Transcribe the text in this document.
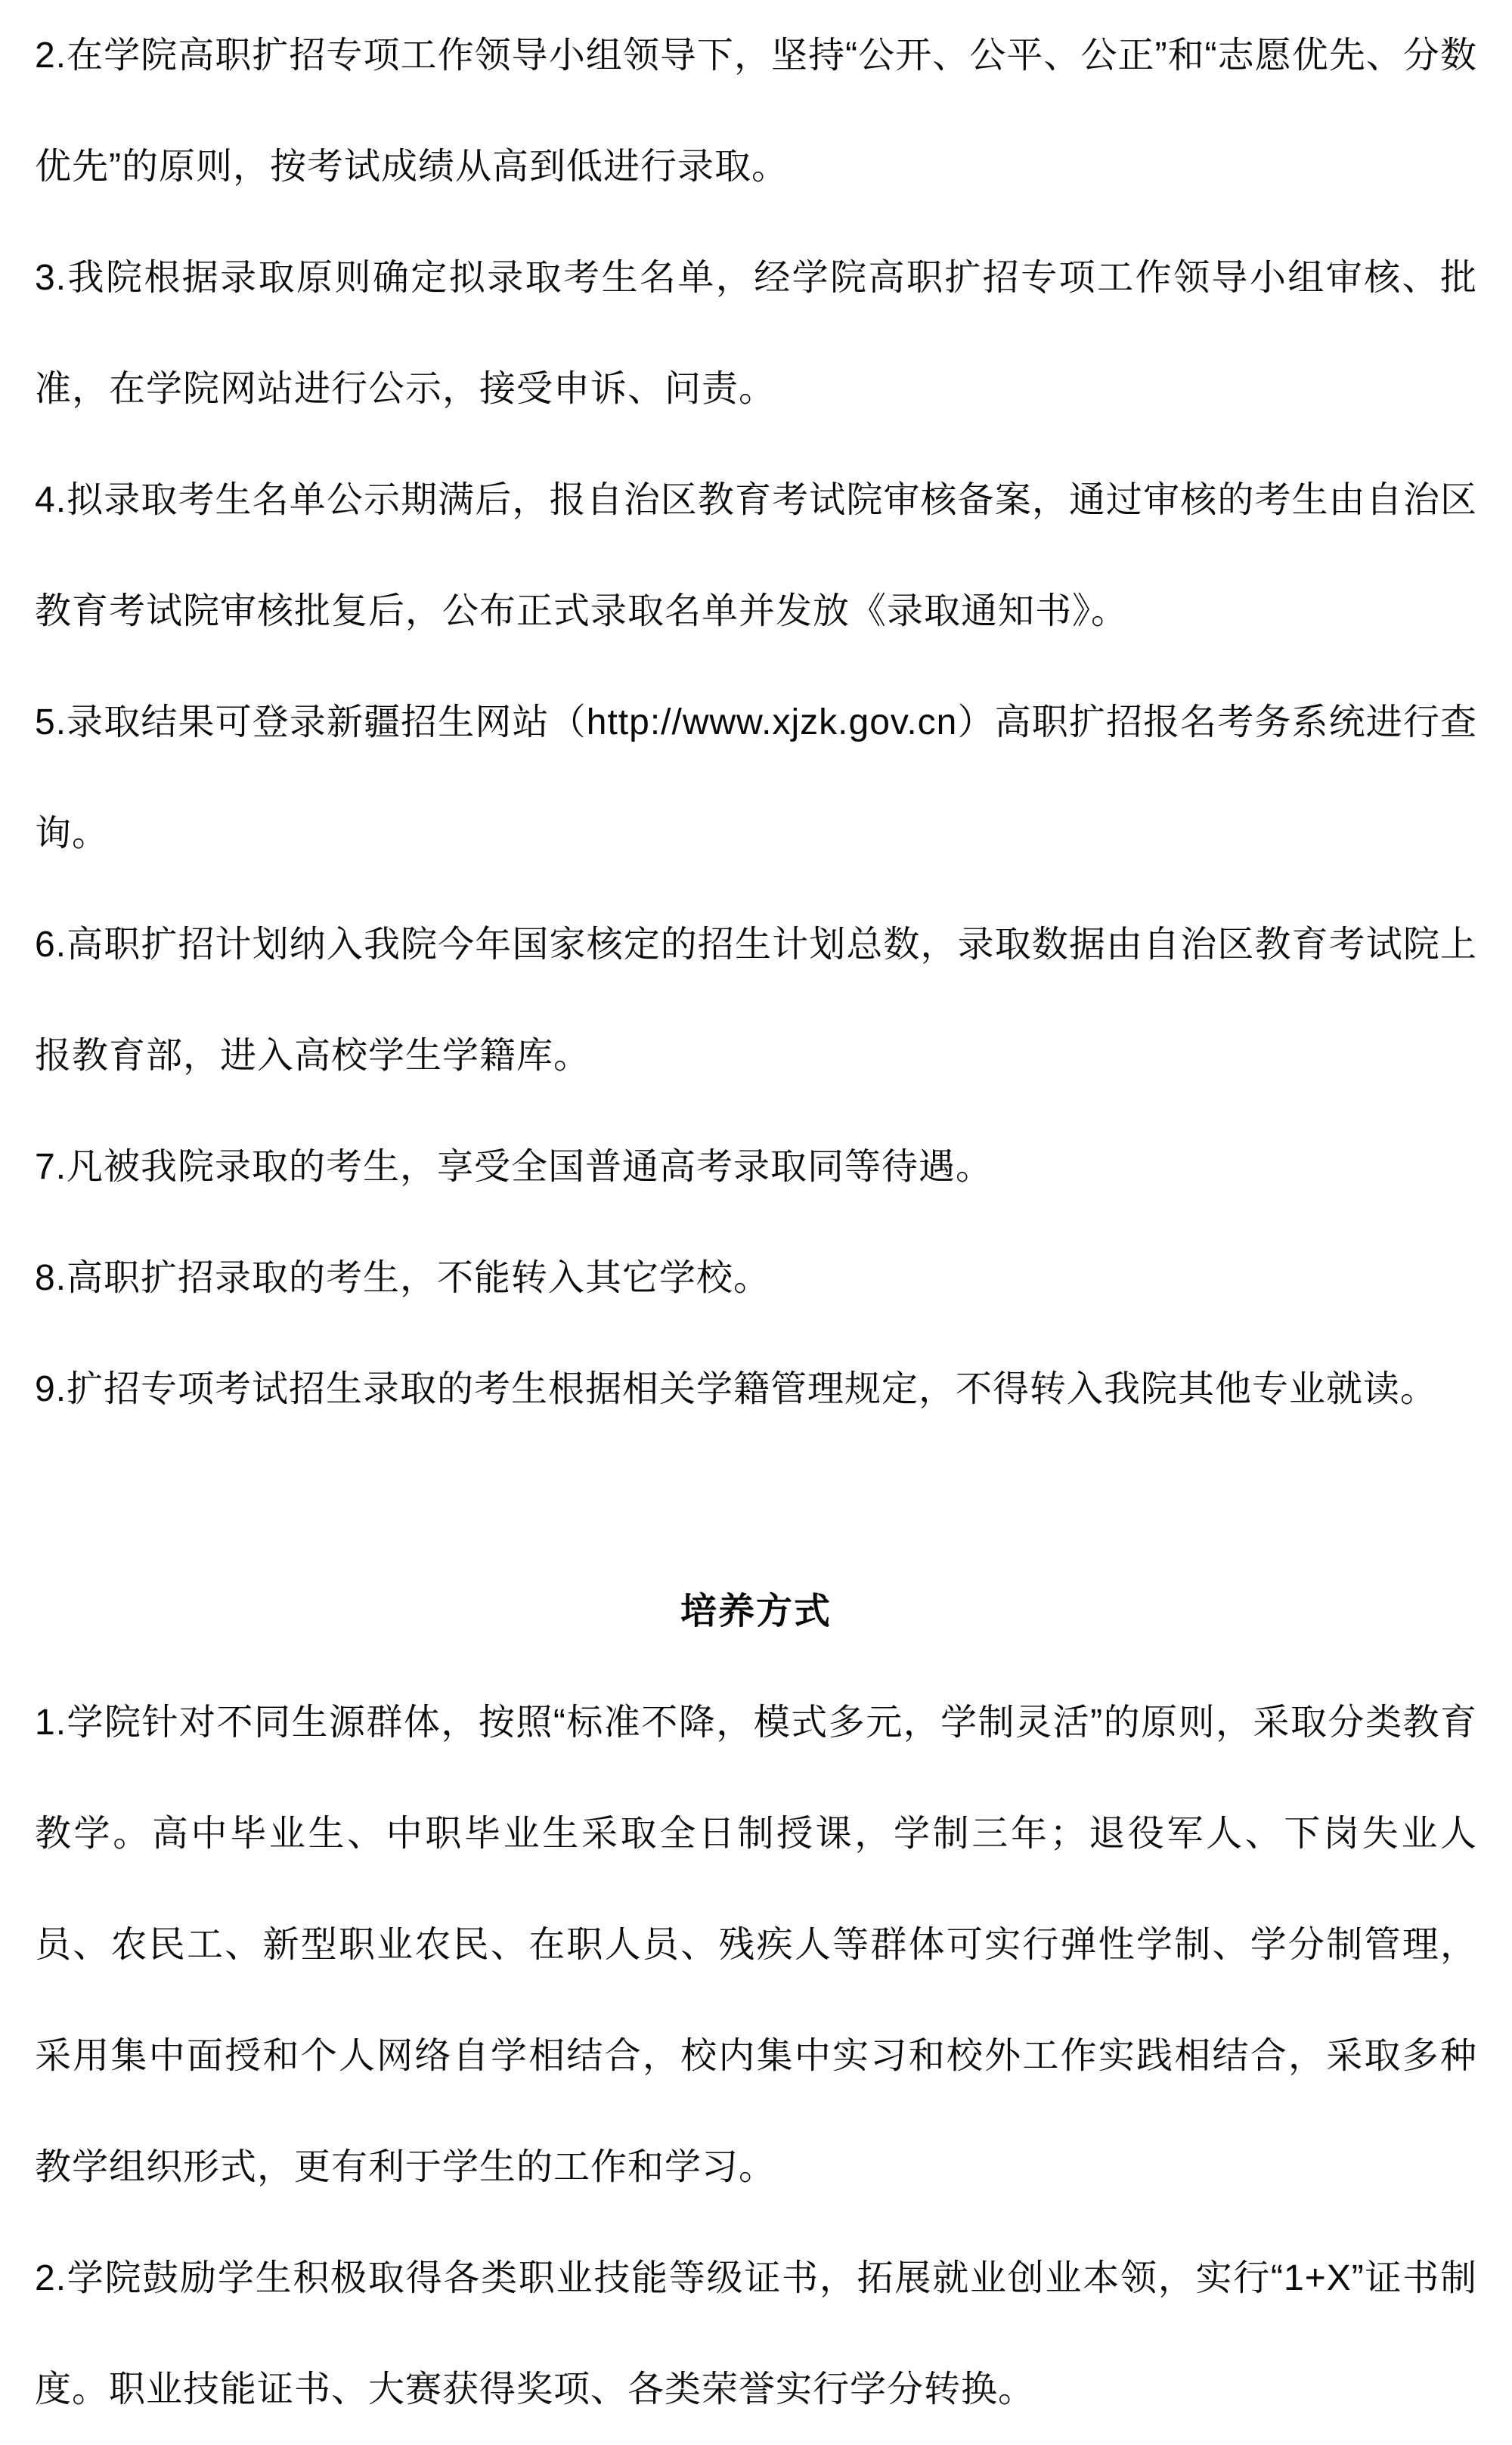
2.在学院高职扩招专项工作领导小组领导下，坚持“公开、公平、公正”和“志愿优先、分数优先”的原则，按考试成绩从高到低进行录取。

3.我院根据录取原则确定拟录取考生名单，经学院高职扩招专项工作领导小组审核、批准，在学院网站进行公示，接受申诉、问责。

4.拟录取考生名单公示期满后，报自治区教育考试院审核备案，通过审核的考生由自治区教育考试院审核批复后，公布正式录取名单并发放《录取通知书》。

5.录取结果可登录新疆招生网站（http://www.xjzk.gov.cn）高职扩招报名考务系统进行查询。

6.高职扩招计划纳入我院今年国家核定的招生计划总数，录取数据由自治区教育考试院上报教育部，进入高校学生学籍库。

7.凡被我院录取的考生，享受全国普通高考录取同等待遇。

8.高职扩招录取的考生，不能转入其它学校。

9.扩招专项考试招生录取的考生根据相关学籍管理规定，不得转入我院其他专业就读。

培养方式

1.学院针对不同生源群体，按照“标准不降，模式多元，学制灵活”的原则，采取分类教育教学。高中毕业生、中职毕业生采取全日制授课，学制三年；退役军人、下岗失业人员、农民工、新型职业农民、在职人员、残疾人等群体可实行弹性学制、学分制管理，采用集中面授和个人网络自学相结合，校内集中实习和校外工作实践相结合，采取多种教学组织形式，更有利于学生的工作和学习。

2.学院鼓励学生积极取得各类职业技能等级证书，拓展就业创业本领，实行“1+X”证书制度。职业技能证书、大赛获得奖项、各类荣誉实行学分转换。
